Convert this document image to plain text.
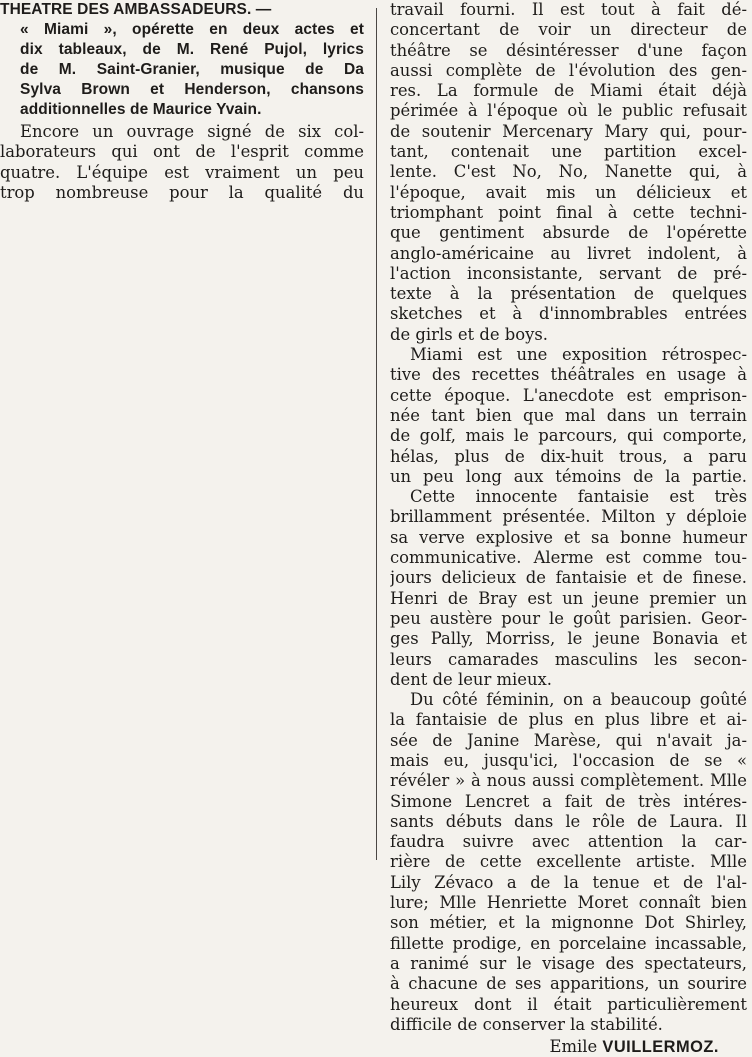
THEATRE DES AMBASSADEURS. —
« Miami », opérette en deux actes et
dix tableaux, de M. René Pujol, lyrics
de M. Saint-Granier, musique de Da
Sylva Brown et Henderson, chansons
additionnelles de Maurice Yvain.
Encore un ouvrage signé de six col-
laborateurs qui ont de l'esprit comme
quatre. L'équipe est vraiment un peu
trop nombreuse pour la qualité du
travail fourni. Il est tout à fait dé-
concertant de voir un directeur de
théâtre se désintéresser d'une façon
aussi complète de l'évolution des gen-
res. La formule de Miami était déjà
périmée à l'époque où le public refusait
de soutenir Mercenary Mary qui, pour-
tant, contenait une partition excel-
lente. C'est No, No, Nanette qui, à
l'époque, avait mis un délicieux et
triomphant point final à cette techni-
que gentiment absurde de l'opérette
anglo-américaine au livret indolent, à
l'action inconsistante, servant de pré-
texte à la présentation de quelques
sketches et à d'innombrables entrées
de girls et de boys.
Miami est une exposition rétrospec-
tive des recettes théâtrales en usage à
cette époque. L'anecdote est emprison-
née tant bien que mal dans un terrain
de golf, mais le parcours, qui comporte,
hélas, plus de dix-huit trous, a paru
un peu long aux témoins de la partie.
Cette innocente fantaisie est très
brillamment présentée. Milton y déploie
sa verve explosive et sa bonne humeur
communicative. Alerme est comme tou-
jours delicieux de fantaisie et de finese.
Henri de Bray est un jeune premier un
peu austère pour le goût parisien. Geor-
ges Pally, Morriss, le jeune Bonavia et
leurs camarades masculins les secon-
dent de leur mieux.
Du côté féminin, on a beaucoup goûté
la fantaisie de plus en plus libre et ai-
sée de Janine Marèse, qui n'avait ja-
mais eu, jusqu'ici, l'occasion de se «
révéler » à nous aussi complètement. Mlle
Simone Lencret a fait de très intéres-
sants débuts dans le rôle de Laura. Il
faudra suivre avec attention la car-
rière de cette excellente artiste. Mlle
Lily Zévaco a de la tenue et de l'al-
lure; Mlle Henriette Moret connaît bien
son métier, et la mignonne Dot Shirley,
fillette prodige, en porcelaine incassable,
a ranimé sur le visage des spectateurs,
à chacune de ses apparitions, un sourire
heureux dont il était particulièrement
difficile de conserver la stabilité.
Emile VUILLERMOZ.
